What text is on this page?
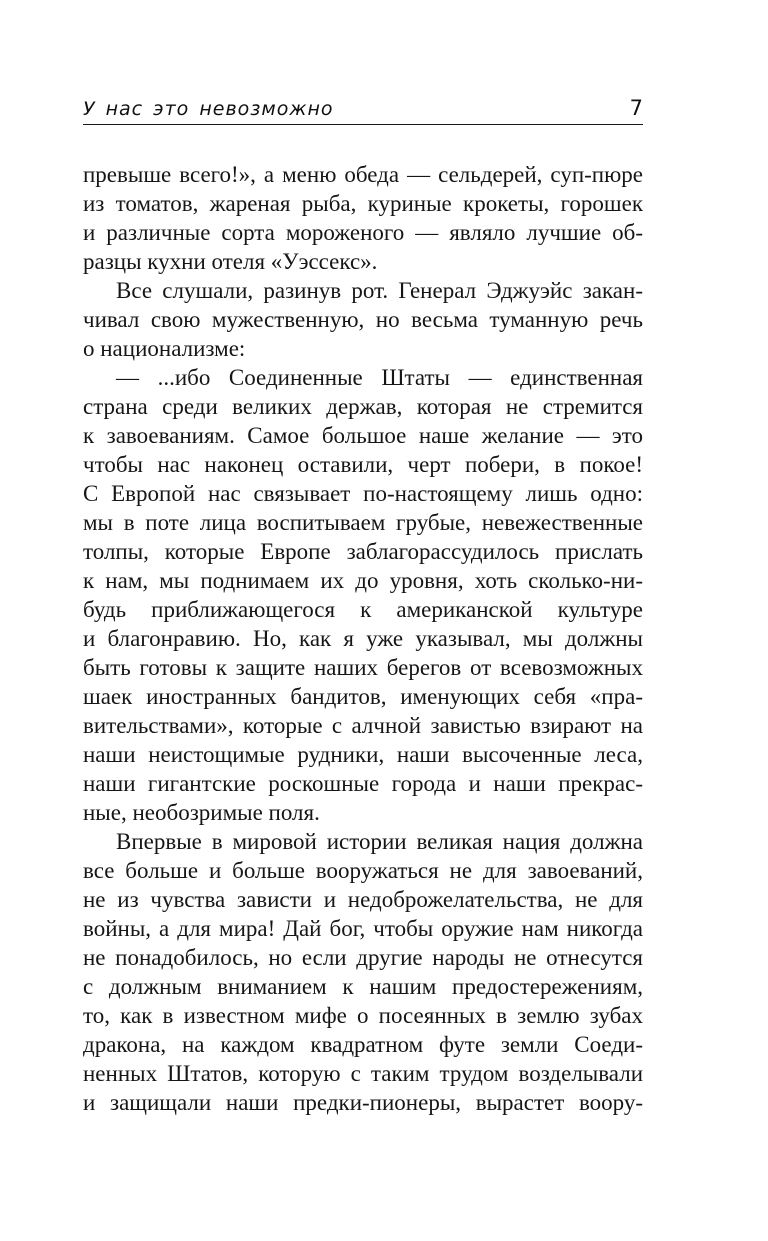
У нас это невозможно	7
превыше всего!», а меню обеда — сельдерей, суп-пюре
из томатов, жареная рыба, куриные крокеты, горошек
и различные сорта мороженого — являло лучшие об-
разцы кухни отеля «Уэссекс».
Все слушали, разинув рот. Генерал Эджуэйс закан-
чивал свою мужественную, но весьма туманную речь
о национализме:
— ...ибо Соединенные Штаты — единственная
страна среди великих держав, которая не стремится
к завоеваниям. Самое большое наше желание — это
чтобы нас наконец оставили, черт побери, в покое!
С Европой нас связывает по-настоящему лишь одно:
мы в поте лица воспитываем грубые, невежественные
толпы, которые Европе заблагорассудилось прислать
к нам, мы поднимаем их до уровня, хоть сколько-ни-
будь приближающегося к американской культуре
и благонравию. Но, как я уже указывал, мы должны
быть готовы к защите наших берегов от всевозможных
шаек иностранных бандитов, именующих себя «пра-
вительствами», которые с алчной завистью взирают на
наши неистощимые рудники, наши высоченные леса,
наши гигантские роскошные города и наши прекрас-
ные, необозримые поля.
Впервые в мировой истории великая нация должна
все больше и больше вооружаться не для завоеваний,
не из чувства зависти и недоброжелательства, не для
войны, а для мира! Дай бог, чтобы оружие нам никогда
не понадобилось, но если другие народы не отнесутся
с должным вниманием к нашим предостережениям,
то, как в известном мифе о посеянных в землю зубах
дракона, на каждом квадратном футе земли Соеди-
ненных Штатов, которую с таким трудом возделывали
и защищали наши предки-пионеры, вырастет воору-
